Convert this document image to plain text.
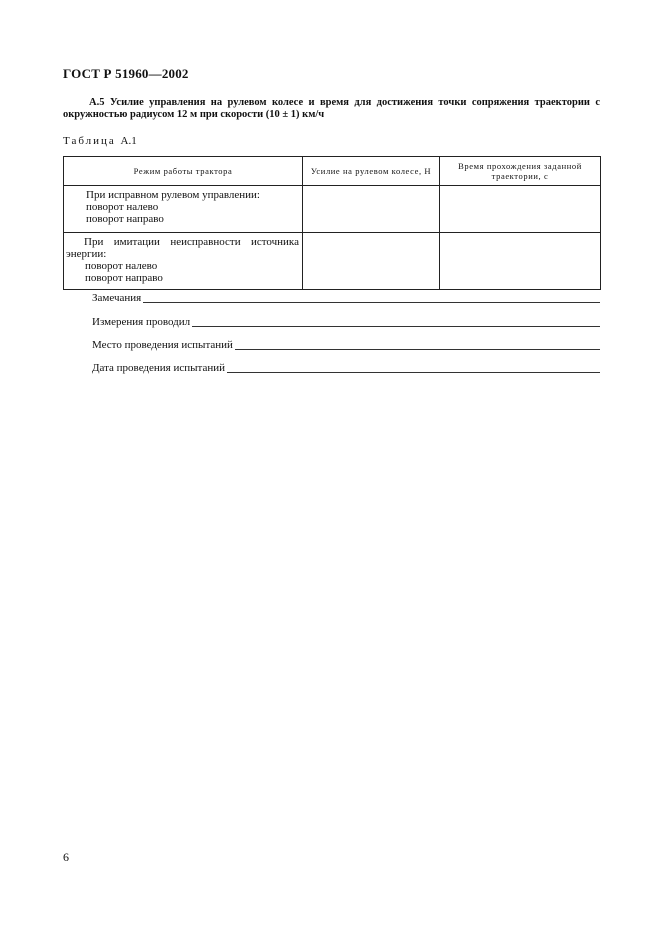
ГОСТ Р 51960—2002
А.5 Усилие управления на рулевом колесе и время для достижения точки сопряжения траектории с окружностью радиусом 12 м при скорости (10 ± 1) км/ч
Таблица А.1
Режим работы трактора	Усилие на рулевом колесе, Н	Время прохождения заданной траектории, с

При исправном рулевом управлении:
поворот налево
поворот направо		

При имитации неисправности источника
энергии:
поворот налево
поворот направо		

Замечания
Измерения проводил
Место проведения испытаний
Дата проведения испытаний
6
